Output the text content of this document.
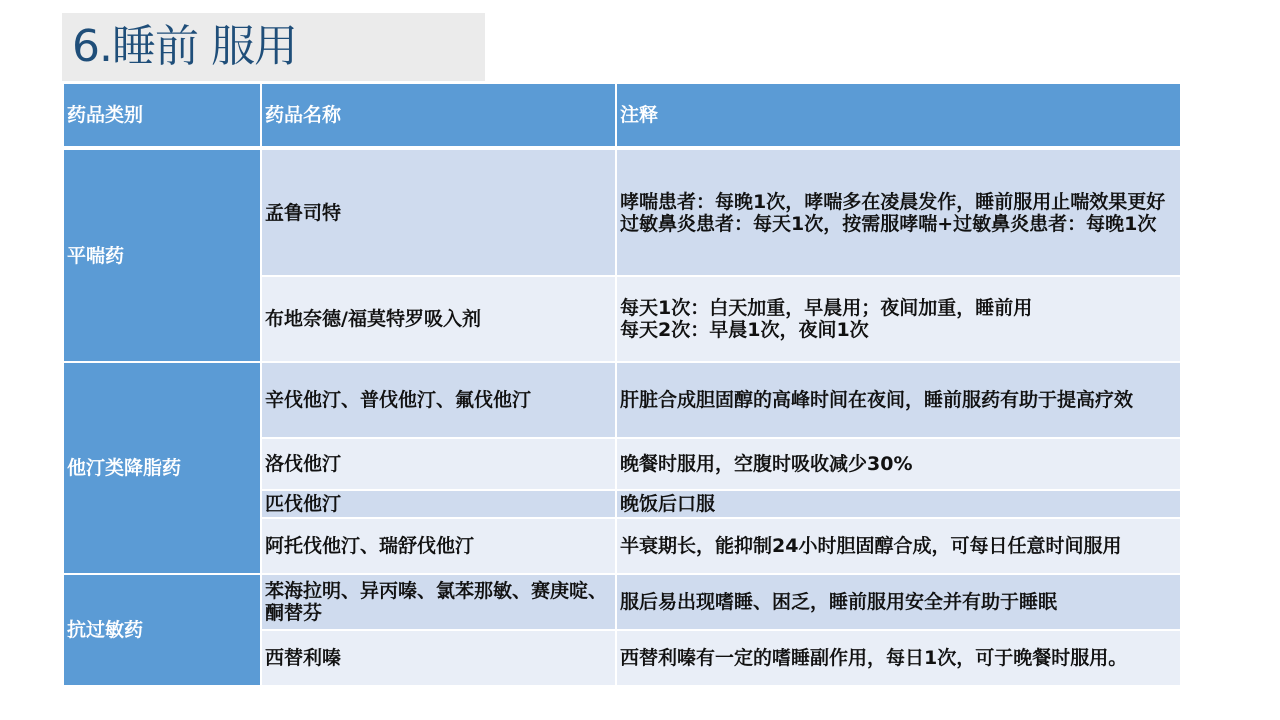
6.睡前 服用
药品类别	药品名称	注释
平喘药	孟鲁司特	哮喘患者：每晚1次，哮喘多在凌晨发作，睡前服用止喘效果更好
过敏鼻炎患者：每天1次，按需服哮喘+过敏鼻炎患者：每晚1次
	布地奈德/福莫特罗吸入剂	每天1次：白天加重，早晨用；夜间加重，睡前用
每天2次：早晨1次，夜间1次
他汀类降脂药	辛伐他汀、普伐他汀、氟伐他汀	肝脏合成胆固醇的高峰时间在夜间，睡前服药有助于提高疗效
	洛伐他汀	晚餐时服用，空腹时吸收减少30%
	匹伐他汀	晚饭后口服
	阿托伐他汀、瑞舒伐他汀	半衰期长，能抑制24小时胆固醇合成，可每日任意时间服用
抗过敏药	苯海拉明、异丙嗪、氯苯那敏、赛庚啶、酮替芬	服后易出现嗜睡、困乏，睡前服用安全并有助于睡眠
	西替利嗪	西替利嗪有一定的嗜睡副作用，每日1次，可于晚餐时服用。
